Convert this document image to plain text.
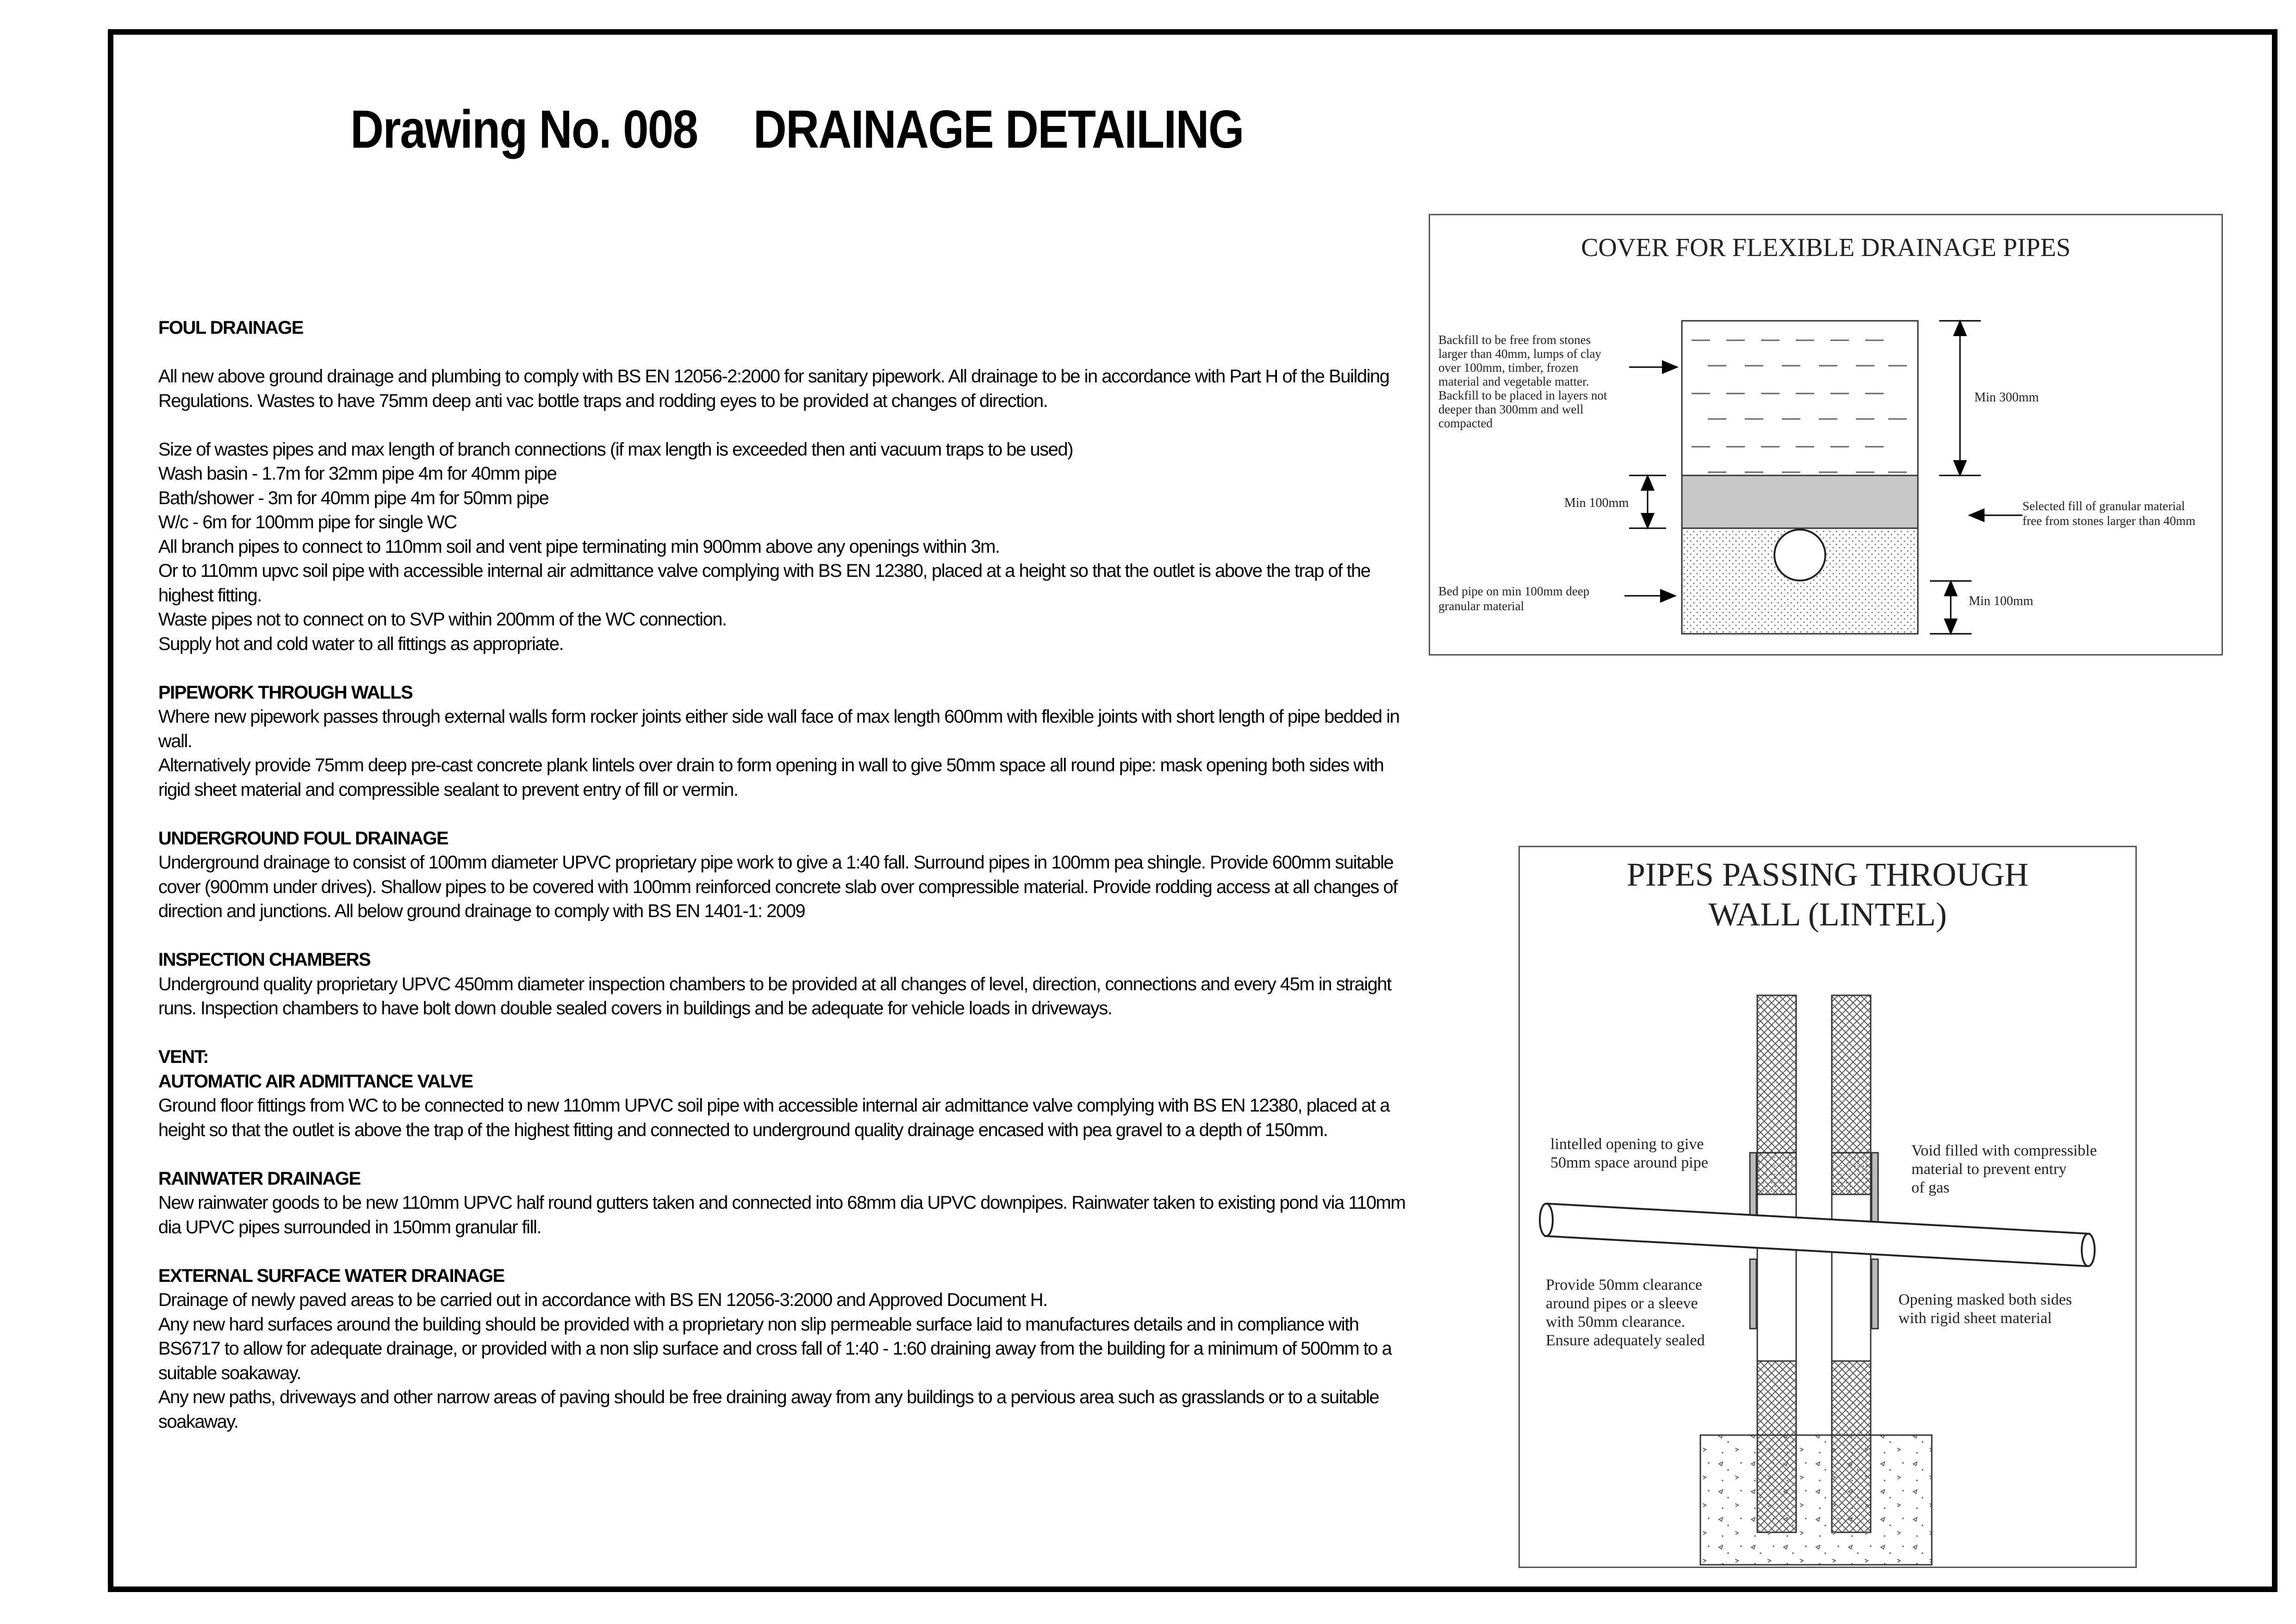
Drawing No. 008 DRAINAGE DETAILING
FOUL DRAINAGE

All new above ground drainage and plumbing to comply with BS EN 12056-2:2000 for sanitary pipework. All drainage to be in accordance with Part H of the Building Regulations. Wastes to have 75mm deep anti vac bottle traps and rodding eyes to be provided at changes of direction.

Size of wastes pipes and max length of branch connections (if max length is exceeded then anti vacuum traps to be used)

Wash basin - 1.7m for 32mm pipe 4m for 40mm pipe

Bath/shower - 3m for 40mm pipe 4m for 50mm pipe

W/c - 6m for 100mm pipe for single WC

All branch pipes to connect to 110mm soil and vent pipe terminating min 900mm above any openings within 3m.

Or to 110mm upvc soil pipe with accessible internal air admittance valve complying with BS EN 12380, placed at a height so that the outlet is above the trap of the highest fitting.

Waste pipes not to connect on to SVP within 200mm of the WC connection.

Supply hot and cold water to all fittings as appropriate.

PIPEWORK THROUGH WALLS

Where new pipework passes through external walls form rocker joints either side wall face of max length 600mm with flexible joints with short length of pipe bedded in wall.

Alternatively provide 75mm deep pre-cast concrete plank lintels over drain to form opening in wall to give 50mm space all round pipe: mask opening both sides with rigid sheet material and compressible sealant to prevent entry of fill or vermin.

UNDERGROUND FOUL DRAINAGE

Underground drainage to consist of 100mm diameter UPVC proprietary pipe work to give a 1:40 fall. Surround pipes in 100mm pea shingle. Provide 600mm suitable cover (900mm under drives). Shallow pipes to be covered with 100mm reinforced concrete slab over compressible material. Provide rodding access at all changes of direction and junctions. All below ground drainage to comply with BS EN 1401-1: 2009

INSPECTION CHAMBERS

Underground quality proprietary UPVC 450mm diameter inspection chambers to be provided at all changes of level, direction, connections and every 45m in straight runs. Inspection chambers to have bolt down double sealed covers in buildings and be adequate for vehicle loads in driveways.

VENT:
AUTOMATIC AIR ADMITTANCE VALVE

Ground floor fittings from WC to be connected to new 110mm UPVC soil pipe with accessible internal air admittance valve complying with BS EN 12380, placed at a height so that the outlet is above the trap of the highest fitting and connected to underground quality drainage encased with pea gravel to a depth of 150mm.

RAINWATER DRAINAGE

New rainwater goods to be new 110mm UPVC half round gutters taken and connected into 68mm dia UPVC downpipes. Rainwater taken to existing pond via 110mm dia UPVC pipes surrounded in 150mm granular fill.

EXTERNAL SURFACE WATER DRAINAGE

Drainage of newly paved areas to be carried out in accordance with BS EN 12056-3:2000 and Approved Document H.

Any new hard surfaces around the building should be provided with a proprietary non slip permeable surface laid to manufactures details and in compliance with BS6717 to allow for adequate drainage, or provided with a non slip surface and cross fall of 1:40 - 1:60 draining away from the building for a minimum of 500mm to a suitable soakaway.

Any new paths, driveways and other narrow areas of paving should be free draining away from any buildings to a pervious area such as grasslands or to a suitable soakaway.

COVER FOR FLEXIBLE DRAINAGE PIPES
Backfill to be free from stones
larger than 40mm, lumps of clay
over 100mm, timber, frozen
material and vegetable matter.
Backfill to be placed in layers not
deeper than 300mm and well
compacted
Min 300mm
Min 100mm	Selected fill of granular material
free from stones larger than 40mm
Bed pipe on min 100mm deep
granular material	Min 100mm
PIPES PASSING THROUGH
WALL (LINTEL)
lintelled opening to give
50mm space around pipe
Void filled with compressible
material to prevent entry
of gas
Provide 50mm clearance
around pipes or a sleeve
with 50mm clearance.
Ensure adequately sealed
Opening masked both sides
with rigid sheet material
